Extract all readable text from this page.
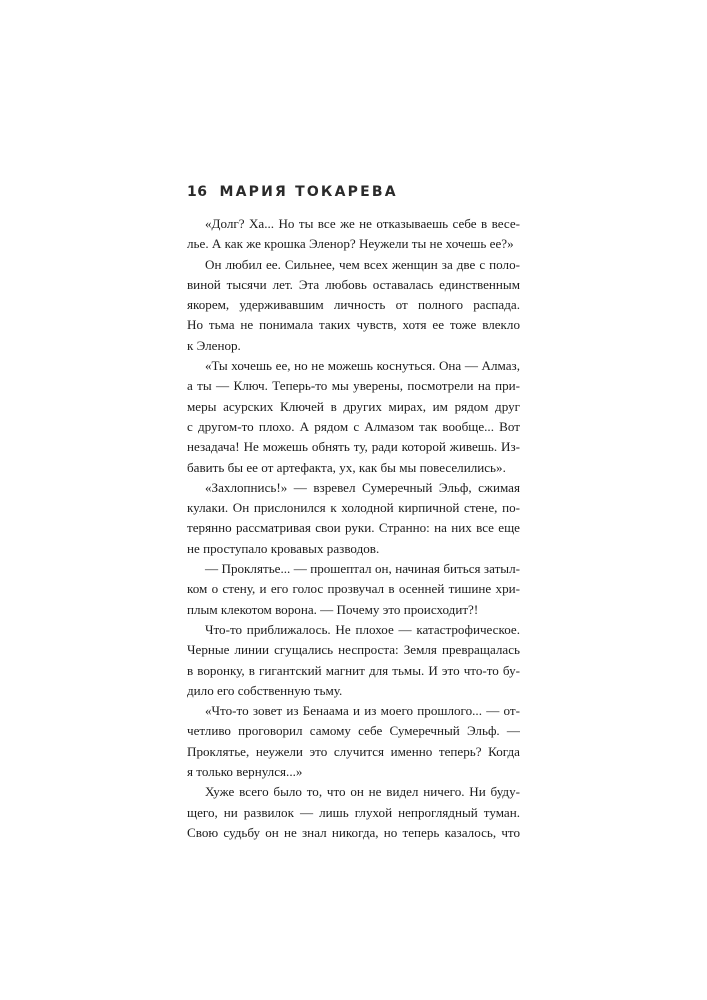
16 МАРИЯ ТОКАРЕВА
«Долг? Ха... Но ты все же не отказываешь себе в весе-
лье. А как же крошка Эленор? Неужели ты не хочешь ее?»
Он любил ее. Сильнее, чем всех женщин за две с поло-
виной тысячи лет. Эта любовь оставалась единственным
якорем, удерживавшим личность от полного распада.
Но тьма не понимала таких чувств, хотя ее тоже влекло
к Эленор.
«Ты хочешь ее, но не можешь коснуться. Она — Алмаз,
а ты — Ключ. Теперь-то мы уверены, посмотрели на при-
меры асурских Ключей в других мирах, им рядом друг
с другом-то плохо. А рядом с Алмазом так вообще... Вот
незадача! Не можешь обнять ту, ради которой живешь. Из-
бавить бы ее от артефакта, ух, как бы мы повеселились».
«Захлопнись!» — взревел Сумеречный Эльф, сжимая
кулаки. Он прислонился к холодной кирпичной стене, по-
терянно рассматривая свои руки. Странно: на них все еще
не проступало кровавых разводов.
— Проклятье... — прошептал он, начиная биться затыл-
ком о стену, и его голос прозвучал в осенней тишине хри-
плым клекотом ворона. — Почему это происходит?!
Что-то приближалось. Не плохое — катастрофическое.
Черные линии сгущались неспроста: Земля превращалась
в воронку, в гигантский магнит для тьмы. И это что-то бу-
дило его собственную тьму.
«Что-то зовет из Бенаама и из моего прошлого... — от-
четливо проговорил самому себе Сумеречный Эльф. —
Проклятье, неужели это случится именно теперь? Когда
я только вернулся...»
Хуже всего было то, что он не видел ничего. Ни буду-
щего, ни развилок — лишь глухой непроглядный туман.
Свою судьбу он не знал никогда, но теперь казалось, что
